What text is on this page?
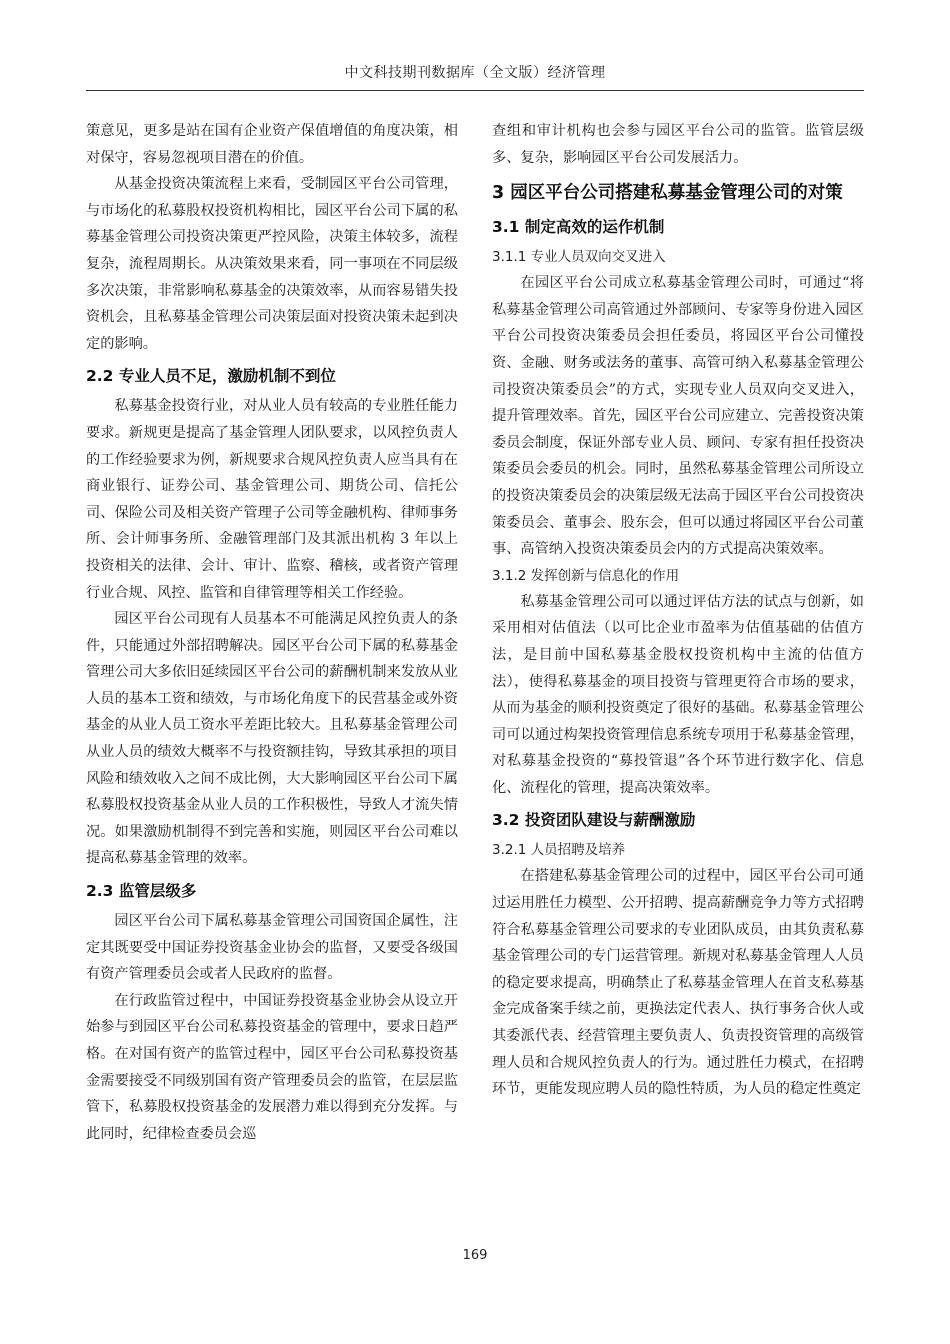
中文科技期刊数据库（全文版）经济管理

策意见，更多是站在国有企业资产保值增值的角度决策，相对保守，容易忽视项目潜在的价值。

从基金投资决策流程上来看，受制园区平台公司管理，与市场化的私募股权投资机构相比，园区平台公司下属的私募基金管理公司投资决策更严控风险，决策主体较多，流程复杂，流程周期长。从决策效果来看，同一事项在不同层级多次决策，非常影响私募基金的决策效率，从而容易错失投资机会，且私募基金管理公司决策层面对投资决策未起到决定的影响。

2.2 专业人员不足，激励机制不到位

私募基金投资行业，对从业人员有较高的专业胜任能力要求。新规更是提高了基金管理人团队要求，以风控负责人的工作经验要求为例，新规要求合规风控负责人应当具有在商业银行、证券公司、基金管理公司、期货公司、信托公司、保险公司及相关资产管理子公司等金融机构、律师事务所、会计师事务所、金融管理部门及其派出机构 3 年以上投资相关的法律、会计、审计、监察、稽核，或者资产管理行业合规、风控、监管和自律管理等相关工作经验。

园区平台公司现有人员基本不可能满足风控负责人的条件，只能通过外部招聘解决。园区平台公司下属的私募基金管理公司大多依旧延续园区平台公司的薪酬机制来发放从业人员的基本工资和绩效，与市场化角度下的民营基金或外资基金的从业人员工资水平差距比较大。且私募基金管理公司从业人员的绩效大概率不与投资额挂钩，导致其承担的项目风险和绩效收入之间不成比例，大大影响园区平台公司下属私募股权投资基金从业人员的工作积极性，导致人才流失情况。如果激励机制得不到完善和实施，则园区平台公司难以提高私募基金管理的效率。

2.3 监管层级多

园区平台公司下属私募基金管理公司国资国企属性，注定其既要受中国证券投资基金业协会的监督，又要受各级国有资产管理委员会或者人民政府的监督。

在行政监管过程中，中国证券投资基金业协会从设立开始参与到园区平台公司私募投资基金的管理中，要求日趋严格。在对国有资产的监管过程中，园区平台公司私募投资基金需要接受不同级别国有资产管理委员会的监管，在层层监管下，私募股权投资基金的发展潜力难以得到充分发挥。与此同时，纪律检查委员会巡

查组和审计机构也会参与园区平台公司的监管。监管层级多、复杂，影响园区平台公司发展活力。

3 园区平台公司搭建私募基金管理公司的对策
3.1 制定高效的运作机制
3.1.1 专业人员双向交叉进入

在园区平台公司成立私募基金管理公司时，可通过“将私募基金管理公司高管通过外部顾问、专家等身份进入园区平台公司投资决策委员会担任委员，将园区平台公司懂投资、金融、财务或法务的董事、高管可纳入私募基金管理公司投资决策委员会”的方式，实现专业人员双向交叉进入，提升管理效率。首先，园区平台公司应建立、完善投资决策委员会制度，保证外部专业人员、顾问、专家有担任投资决策委员会委员的机会。同时，虽然私募基金管理公司所设立的投资决策委员会的决策层级无法高于园区平台公司投资决策委员会、董事会、股东会，但可以通过将园区平台公司董事、高管纳入投资决策委员会内的方式提高决策效率。

3.1.2 发挥创新与信息化的作用

私募基金管理公司可以通过评估方法的试点与创新，如采用相对估值法（以可比企业市盈率为估值基础的估值方法，是目前中国私募基金股权投资机构中主流的估值方法），使得私募基金的项目投资与管理更符合市场的要求，从而为基金的顺利投资奠定了很好的基础。私募基金管理公司可以通过构架投资管理信息系统专项用于私募基金管理，对私募基金投资的“募投管退”各个环节进行数字化、信息化、流程化的管理，提高决策效率。

3.2 投资团队建设与薪酬激励
3.2.1 人员招聘及培养

在搭建私募基金管理公司的过程中，园区平台公司可通过运用胜任力模型、公开招聘、提高薪酬竞争力等方式招聘符合私募基金管理公司要求的专业团队成员，由其负责私募基金管理公司的专门运营管理。新规对私募基金管理人人员的稳定要求提高，明确禁止了私募基金管理人在首支私募基金完成备案手续之前，更换法定代表人、执行事务合伙人或其委派代表、经营管理主要负责人、负责投资管理的高级管理人员和合规风控负责人的行为。通过胜任力模式，在招聘环节，更能发现应聘人员的隐性特质，为人员的稳定性奠定

169
